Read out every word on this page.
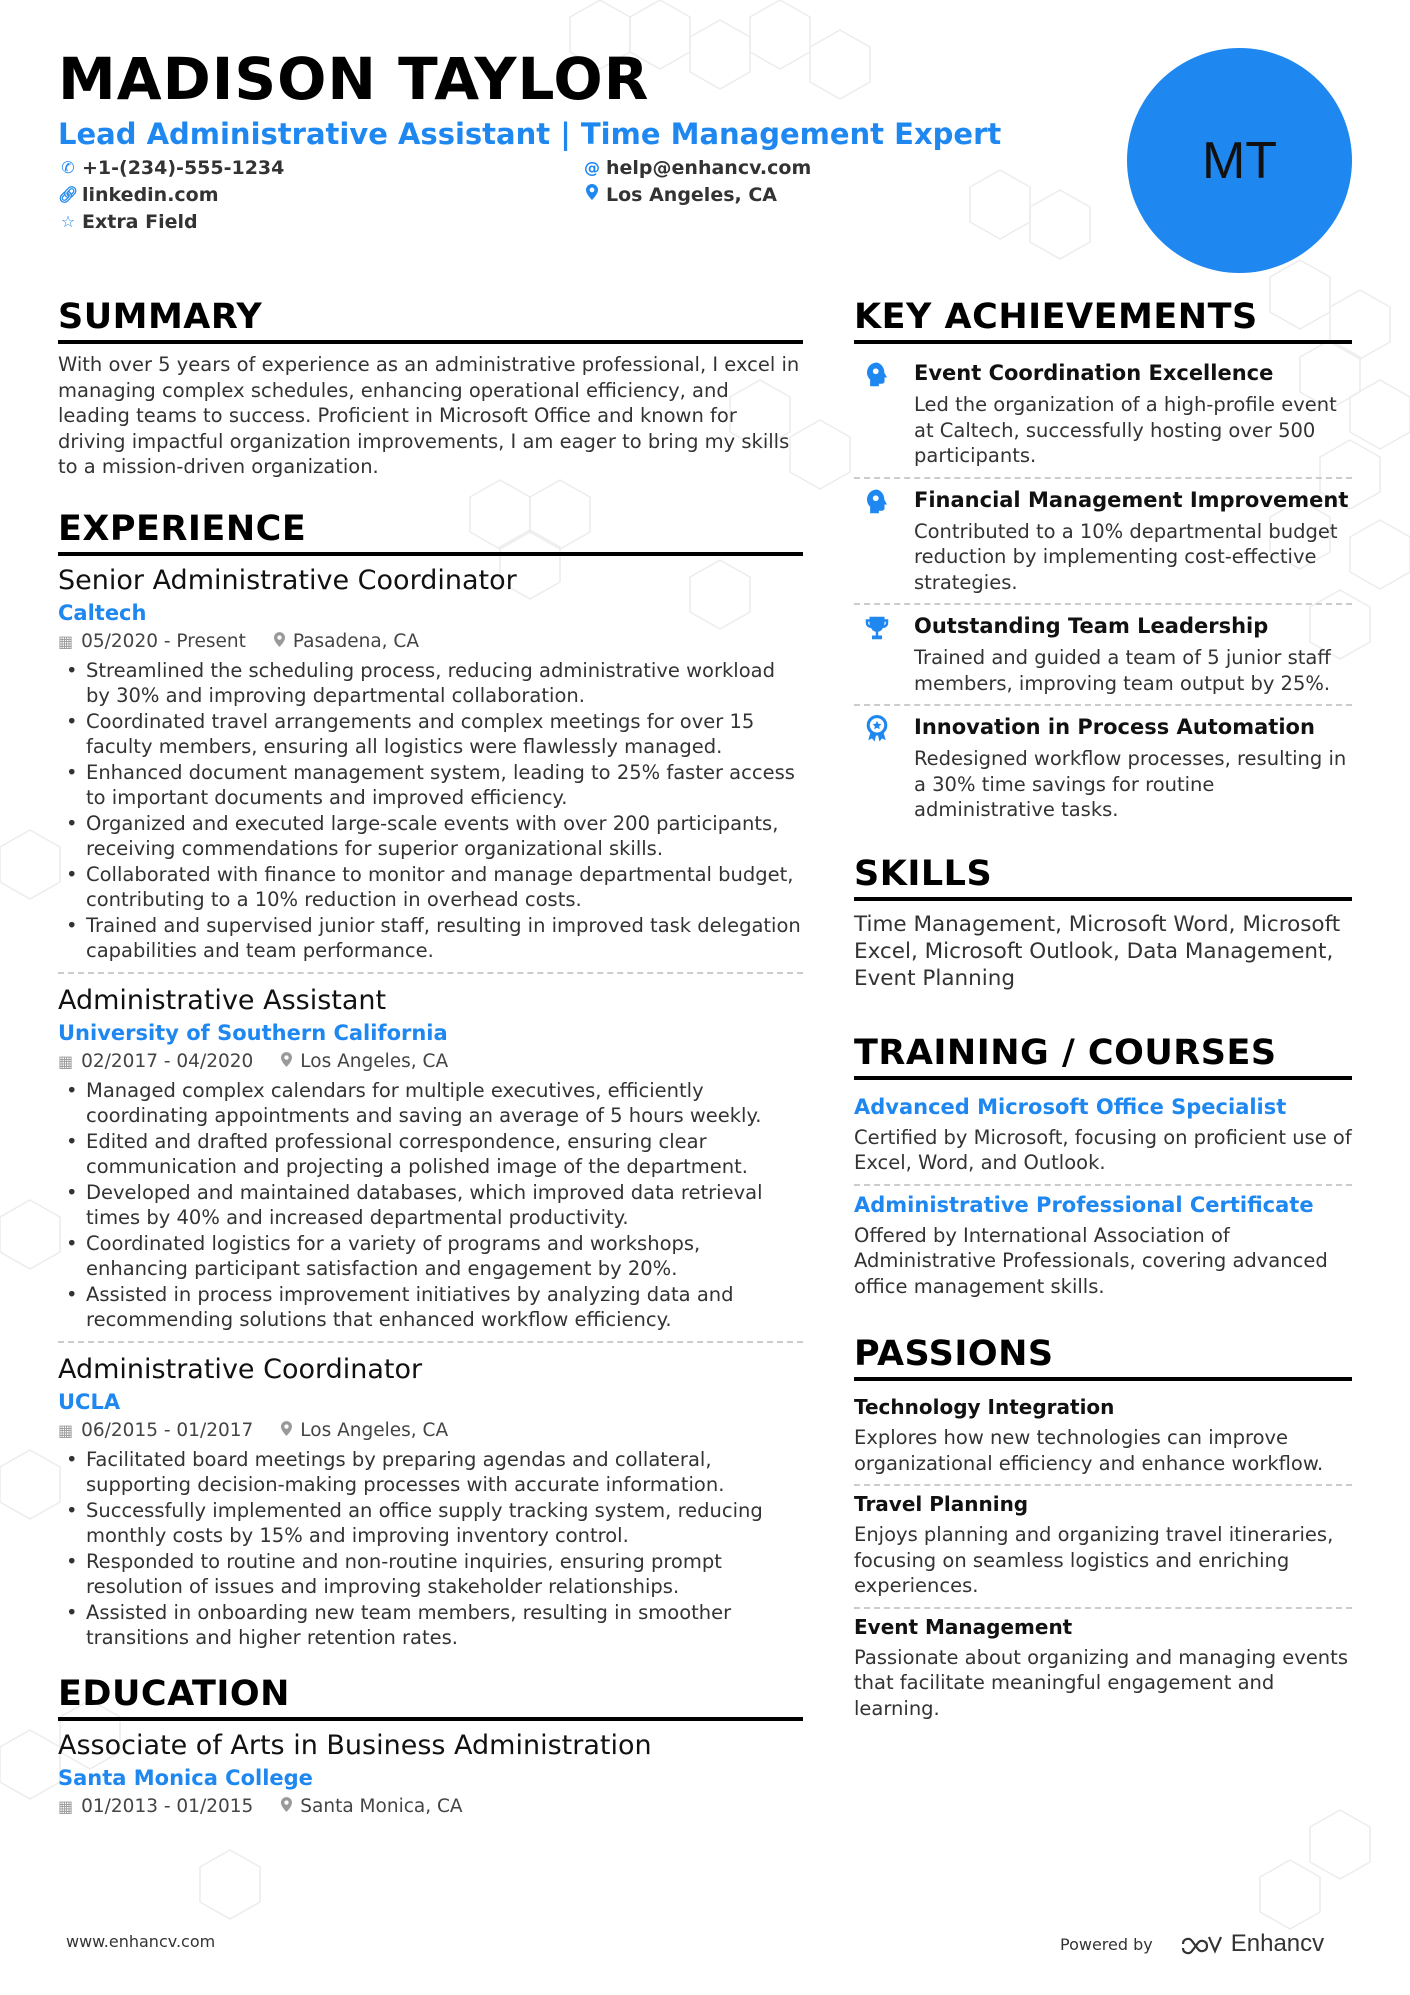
MADISON TAYLOR
Lead Administrative Assistant | Time Management Expert
✆ +1-(234)-555-1234	@ help@enhancv.com
🔗︎ linkedin.com	Los Angeles, CA
☆ Extra Field
MT
SUMMARY
With over 5 years of experience as an administrative professional, I excel in managing complex schedules, enhancing operational efficiency, and leading teams to success. Proficient in Microsoft Office and known for driving impactful organization improvements, I am eager to bring my skills to a mission-driven organization.
EXPERIENCE
Senior Administrative Coordinator
Caltech
▦ 05/2020 - Present	Pasadena, CA
• Streamlined the scheduling process, reducing administrative workload by 30% and improving departmental collaboration.
• Coordinated travel arrangements and complex meetings for over 15 faculty members, ensuring all logistics were flawlessly managed.
• Enhanced document management system, leading to 25% faster access to important documents and improved efficiency.
• Organized and executed large-scale events with over 200 participants, receiving commendations for superior organizational skills.
• Collaborated with finance to monitor and manage departmental budget, contributing to a 10% reduction in overhead costs.
• Trained and supervised junior staff, resulting in improved task delegation capabilities and team performance.
Administrative Assistant
University of Southern California
▦ 02/2017 - 04/2020	Los Angeles, CA
• Managed complex calendars for multiple executives, efficiently coordinating appointments and saving an average of 5 hours weekly.
• Edited and drafted professional correspondence, ensuring clear communication and projecting a polished image of the department.
• Developed and maintained databases, which improved data retrieval times by 40% and increased departmental productivity.
• Coordinated logistics for a variety of programs and workshops, enhancing participant satisfaction and engagement by 20%.
• Assisted in process improvement initiatives by analyzing data and recommending solutions that enhanced workflow efficiency.
Administrative Coordinator
UCLA
▦ 06/2015 - 01/2017	Los Angeles, CA
• Facilitated board meetings by preparing agendas and collateral, supporting decision-making processes with accurate information.
• Successfully implemented an office supply tracking system, reducing monthly costs by 15% and improving inventory control.
• Responded to routine and non-routine inquiries, ensuring prompt resolution of issues and improving stakeholder relationships.
• Assisted in onboarding new team members, resulting in smoother transitions and higher retention rates.
EDUCATION
Associate of Arts in Business Administration
Santa Monica College
▦ 01/2013 - 01/2015	Santa Monica, CA
KEY ACHIEVEMENTS
Event Coordination Excellence
Led the organization of a high-profile event at Caltech, successfully hosting over 500 participants.
Financial Management Improvement
Contributed to a 10% departmental budget reduction by implementing cost-effective strategies.
Outstanding Team Leadership
Trained and guided a team of 5 junior staff members, improving team output by 25%.
Innovation in Process Automation
Redesigned workflow processes, resulting in a 30% time savings for routine administrative tasks.
SKILLS
Time Management, Microsoft Word, Microsoft Excel, Microsoft Outlook, Data Management, Event Planning
TRAINING / COURSES
Advanced Microsoft Office Specialist
Certified by Microsoft, focusing on proficient use of Excel, Word, and Outlook.
Administrative Professional Certificate
Offered by International Association of Administrative Professionals, covering advanced office management skills.
PASSIONS
Technology Integration
Explores how new technologies can improve organizational efficiency and enhance workflow.
Travel Planning
Enjoys planning and organizing travel itineraries, focusing on seamless logistics and enriching experiences.
Event Management
Passionate about organizing and managing events that facilitate meaningful engagement and learning.
www.enhancv.com	Powered by	Enhancv
